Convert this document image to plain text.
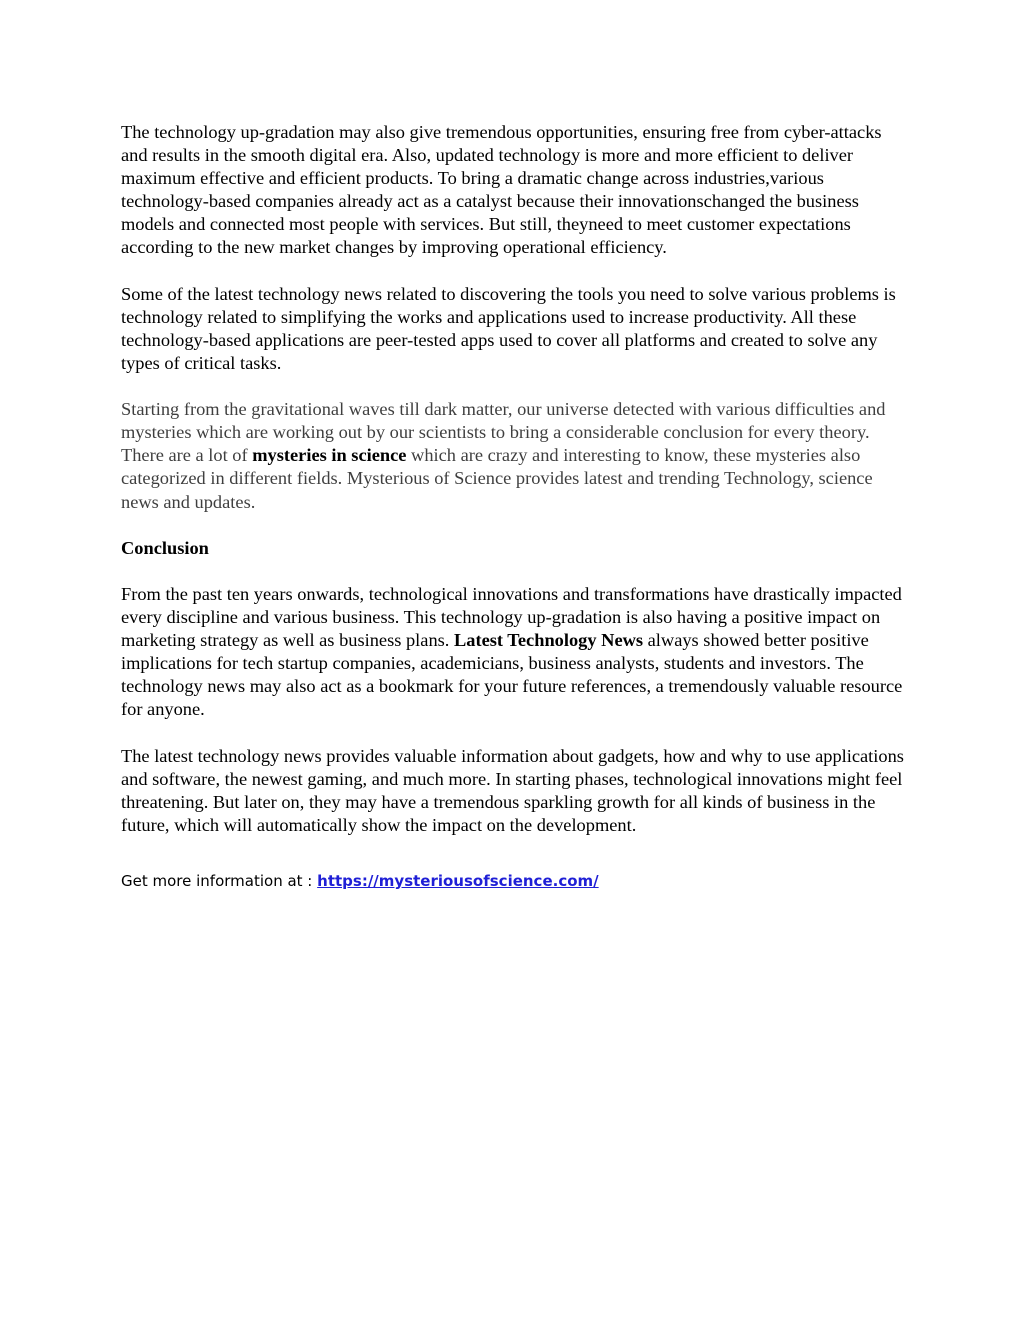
The technology up-gradation may also give tremendous opportunities, ensuring free from cyber-attacks and results in the smooth digital era. Also, updated technology is more and more efficient to deliver maximum effective and efficient products. To bring a dramatic change across industries,various technology-based companies already act as a catalyst because their innovationschanged the business models and connected most people with services. But still, theyneed to meet customer expectations according to the new market changes by improving operational efficiency.

Some of the latest technology news related to discovering the tools you need to solve various problems is technology related to simplifying the works and applications used to increase productivity. All these technology-based applications are peer-tested apps used to cover all platforms and created to solve any types of critical tasks.

Starting from the gravitational waves till dark matter, our universe detected with various difficulties and mysteries which are working out by our scientists to bring a considerable conclusion for every theory. There are a lot of mysteries in science which are crazy and interesting to know, these mysteries also categorized in different fields. Mysterious of Science provides latest and trending Technology, science news and updates.

Conclusion

From the past ten years onwards, technological innovations and transformations have drastically impacted every discipline and various business. This technology up-gradation is also having a positive impact on marketing strategy as well as business plans. Latest Technology News always showed better positive implications for tech startup companies, academicians, business analysts, students and investors. The technology news may also act as a bookmark for your future references, a tremendously valuable resource for anyone.

The latest technology news provides valuable information about gadgets, how and why to use applications and software, the newest gaming, and much more. In starting phases, technological innovations might feel threatening. But later on, they may have a tremendous sparkling growth for all kinds of business in the future, which will automatically show the impact on the development.

Get more information at : https://mysteriousofscience.com/
